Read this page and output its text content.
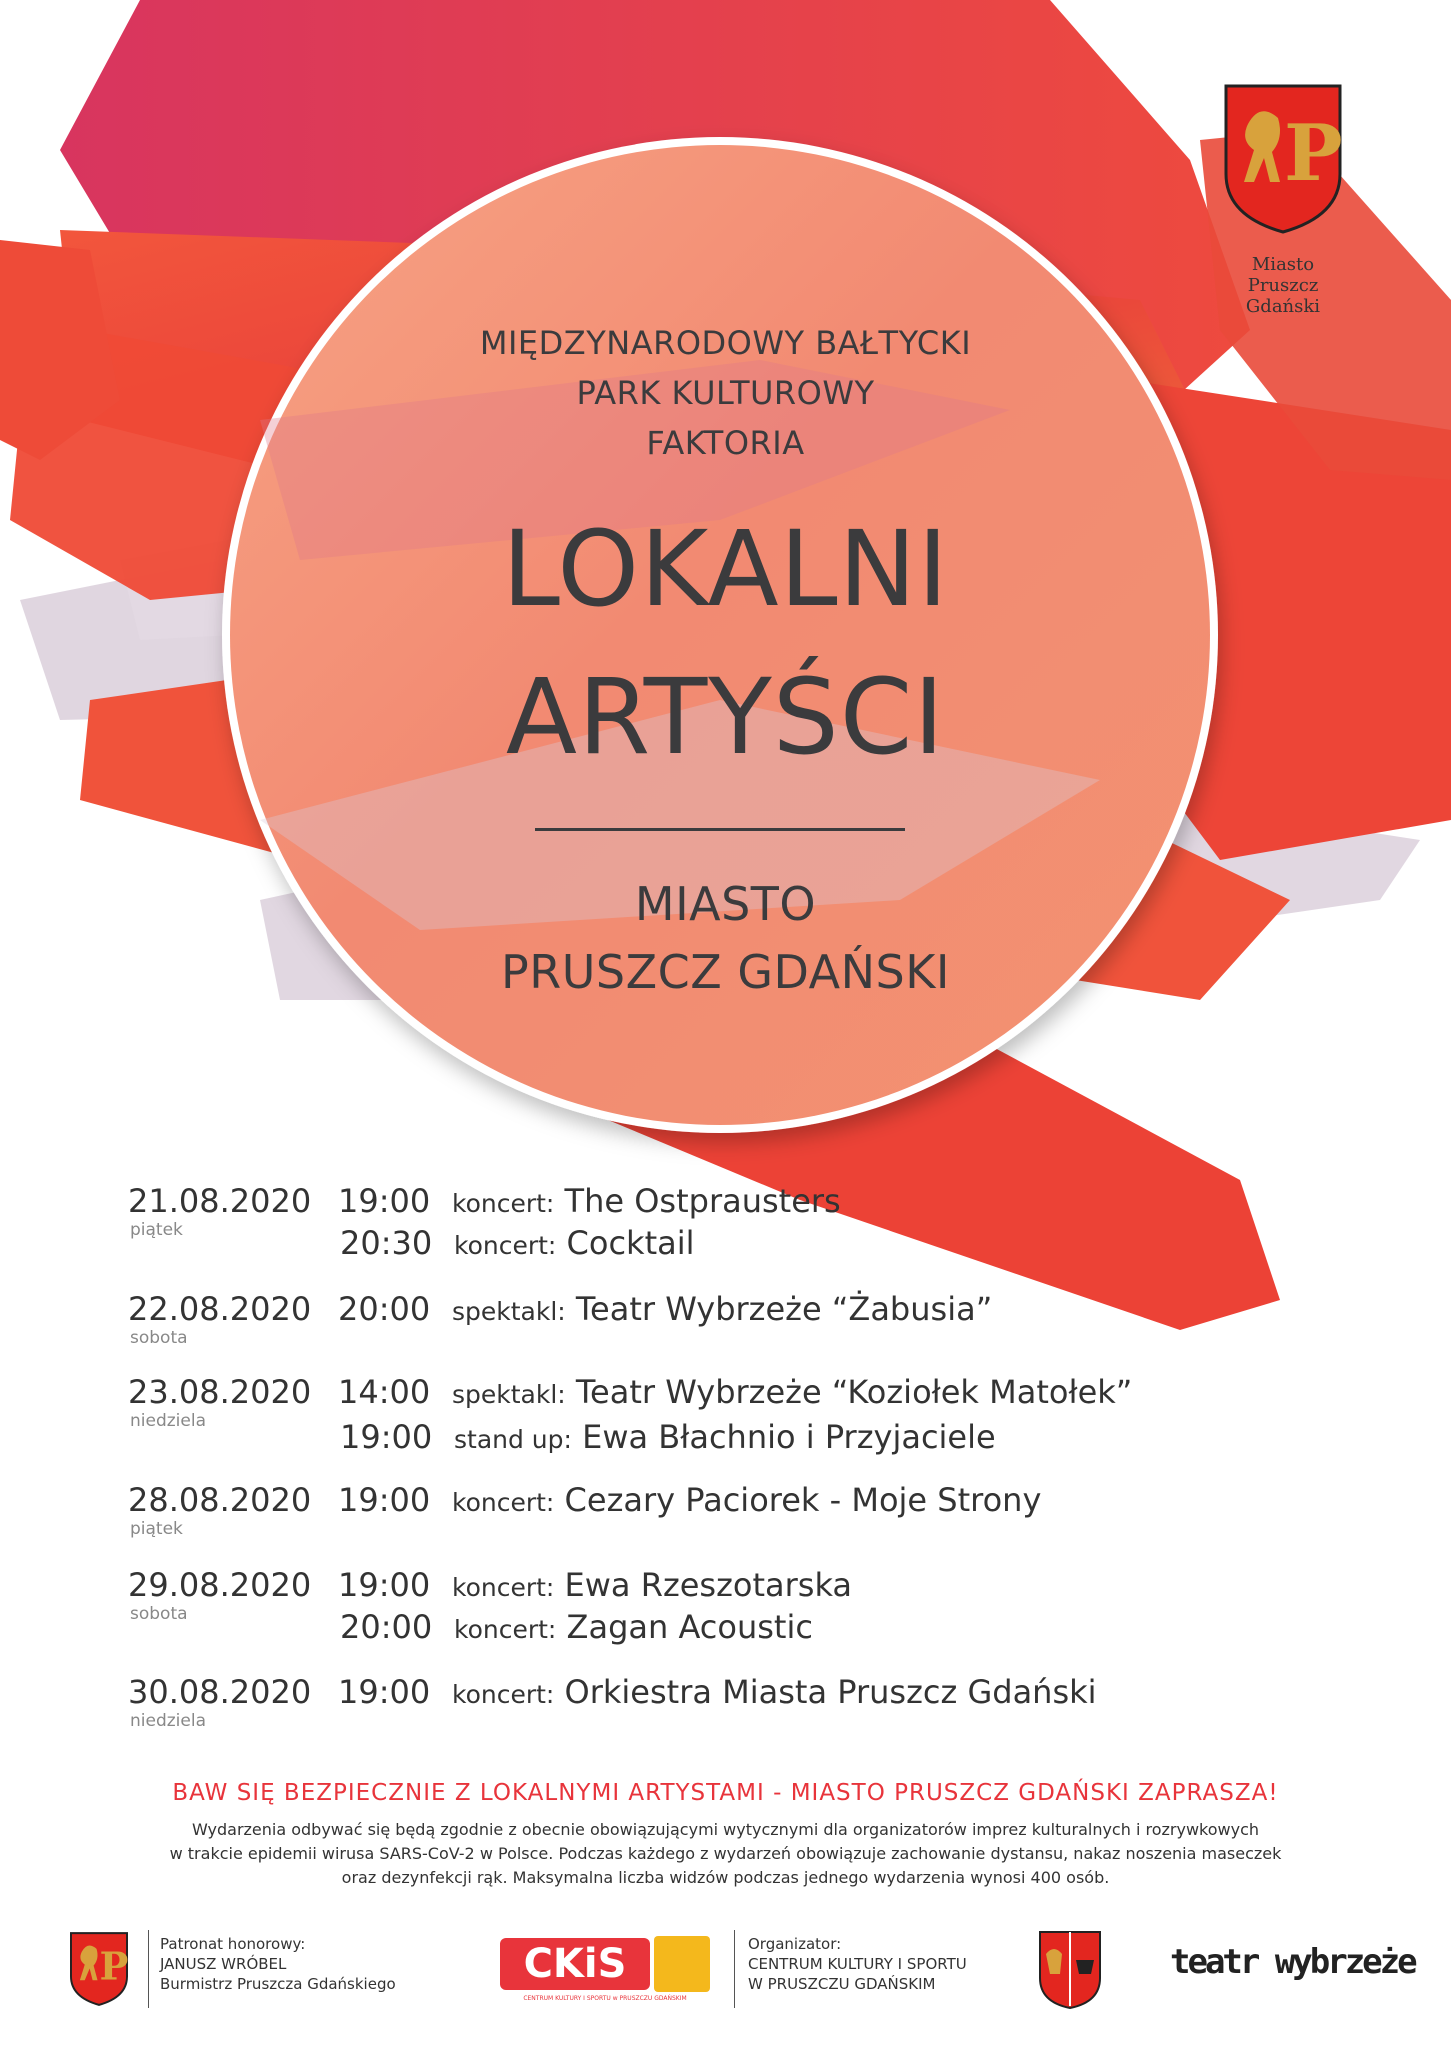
P
Miasto
Pruszcz Gdański
MIĘDZYNARODOWY BAŁTYCKI
PARK KULTUROWY
FAKTORIA
LOKALNI
ARTYŚCI
MIASTO
PRUSZCZ GDAŃSKI
21.08.2020
piątek
19:00 koncert: The Ostprausters
20:30 koncert: Cocktail
22.08.2020
sobota
20:00 spektakl: Teatr Wybrzeże “Żabusia”
23.08.2020
niedziela
14:00 spektakl: Teatr Wybrzeże “Koziołek Matołek”
19:00 stand up: Ewa Błachnio i Przyjaciele
28.08.2020
piątek
19:00 koncert: Cezary Paciorek - Moje Strony
29.08.2020
sobota
19:00 koncert: Ewa Rzeszotarska
20:00 koncert: Zagan Acoustic
30.08.2020
niedziela
19:00 koncert: Orkiestra Miasta Pruszcz Gdański
BAW SIĘ BEZPIECZNIE Z LOKALNYMI ARTYSTAMI - MIASTO PRUSZCZ GDAŃSKI ZAPRASZA!
Wydarzenia odbywać się będą zgodnie z obecnie obowiązującymi wytycznymi dla organizatorów imprez kulturalnych i rozrywkowych
w trakcie epidemii wirusa SARS-CoV-2 w Polsce. Podczas każdego z wydarzeń obowiązuje zachowanie dystansu, nakaz noszenia maseczek
oraz dezynfekcji rąk. Maksymalna liczba widzów podczas jednego wydarzenia wynosi 400 osób.
P
Patronat honorowy:
JANUSZ WRÓBEL
Burmistrz Pruszcza Gdańskiego	CKiS
CENTRUM KULTURY I SPORTU w PRUSZCZU GDAŃSKIM
Organizator:
CENTRUM KULTURY I SPORTU
W PRUSZCZU GDAŃSKIM
teatr wybrzeże
